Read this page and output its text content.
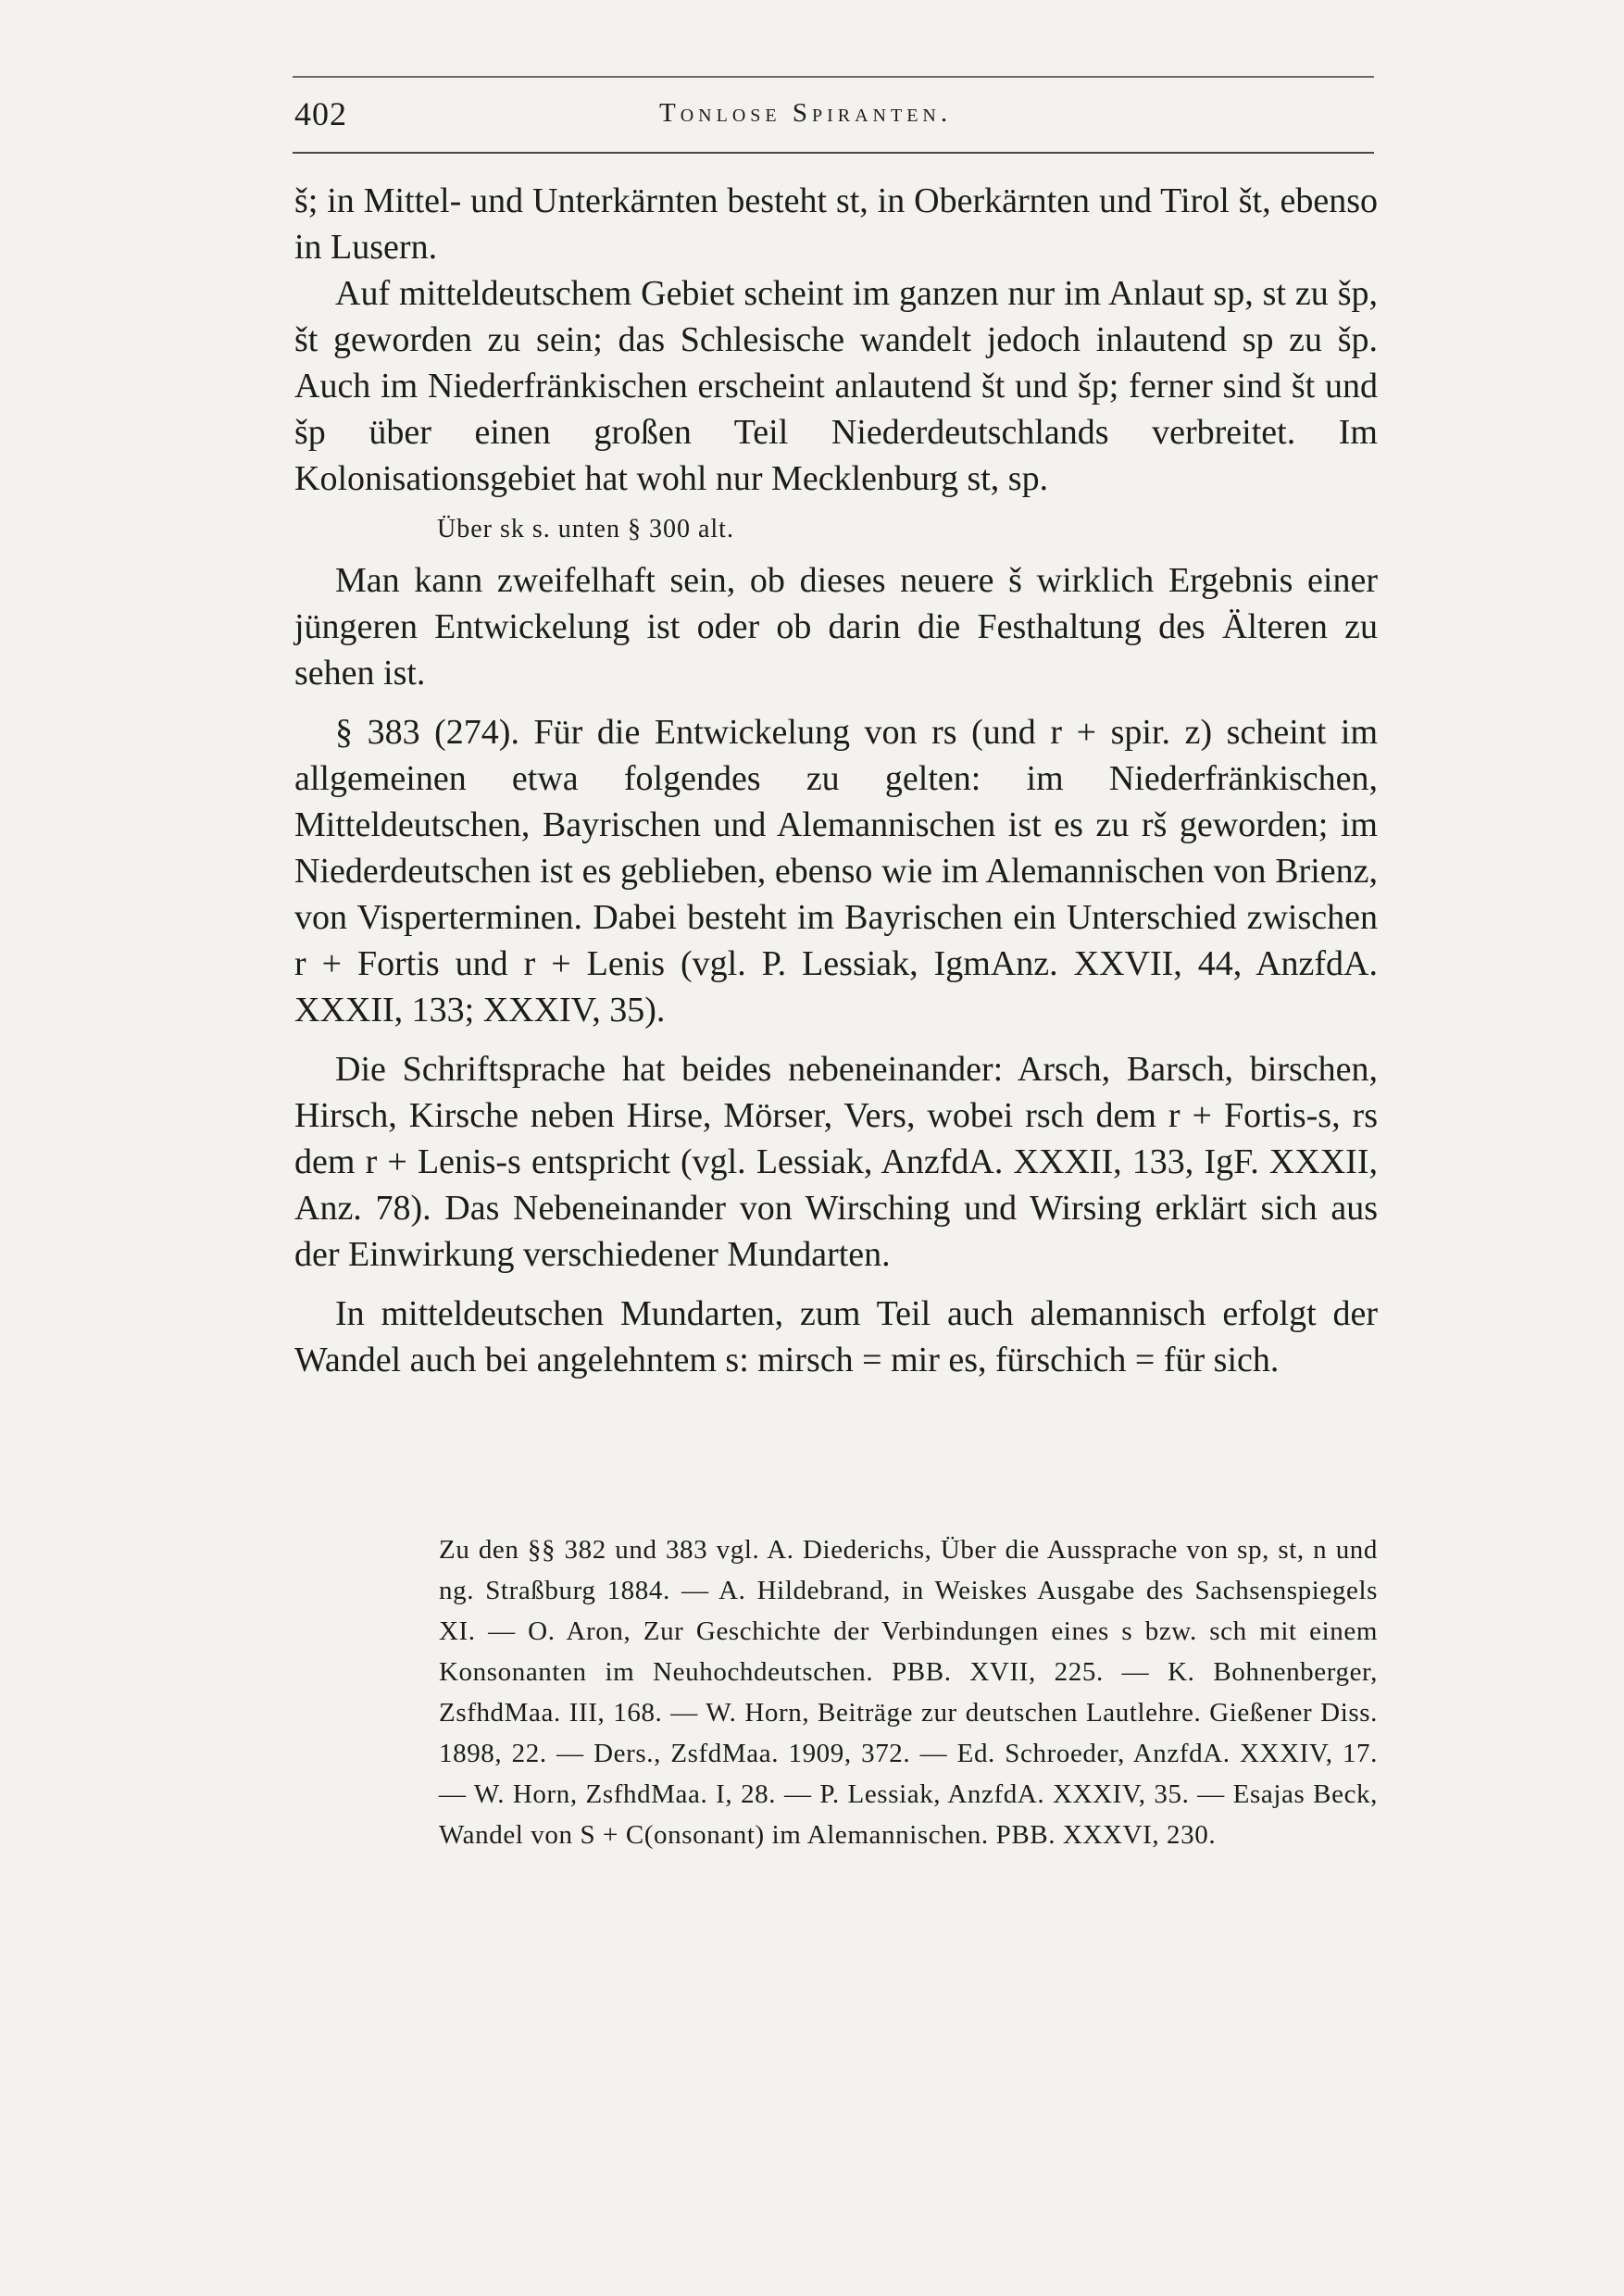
402	Tonlose Spiranten.

š; in Mittel- und Unterkärnten besteht st, in Oberkärnten und Tirol št, ebenso in Lusern.

Auf mitteldeutschem Gebiet scheint im ganzen nur im Anlaut sp, st zu šp, št geworden zu sein; das Schlesische wandelt jedoch inlautend sp zu šp. Auch im Niederfränkischen erscheint anlautend št und šp; ferner sind št und šp über einen großen Teil Niederdeutschlands verbreitet. Im Kolonisationsgebiet hat wohl nur Mecklenburg st, sp.

Über sk s. unten § 300 alt.

Man kann zweifelhaft sein, ob dieses neuere š wirklich Ergebnis einer jüngeren Entwickelung ist oder ob darin die Festhaltung des Älteren zu sehen ist.

§ 383 (274). Für die Entwickelung von rs (und r + spir. z) scheint im allgemeinen etwa folgendes zu gelten: im Niederfränkischen, Mitteldeutschen, Bayrischen und Alemannischen ist es zu rš geworden; im Niederdeutschen ist es geblieben, ebenso wie im Alemannischen von Brienz, von Visperterminen. Dabei besteht im Bayrischen ein Unterschied zwischen r + Fortis und r + Lenis (vgl. P. Lessiak, IgmAnz. XXVII, 44, AnzfdA. XXXII, 133; XXXIV, 35).

Die Schriftsprache hat beides nebeneinander: Arsch, Barsch, birschen, Hirsch, Kirsche neben Hirse, Mörser, Vers, wobei rsch dem r + Fortis-s, rs dem r + Lenis-s entspricht (vgl. Lessiak, AnzfdA. XXXII, 133, IgF. XXXII, Anz. 78). Das Nebeneinander von Wirsching und Wirsing erklärt sich aus der Einwirkung verschiedener Mundarten.

In mitteldeutschen Mundarten, zum Teil auch alemannisch erfolgt der Wandel auch bei angelehntem s: mirsch = mir es, fürschich = für sich.

Zu den §§ 382 und 383 vgl. A. Diederichs, Über die Aussprache von sp, st, n und ng. Straßburg 1884. — A. Hildebrand, in Weiskes Ausgabe des Sachsenspiegels XI. — O. Aron, Zur Geschichte der Verbindungen eines s bzw. sch mit einem Konsonanten im Neuhochdeutschen. PBB. XVII, 225. — K. Bohnenberger, ZsfhdMaa. III, 168. — W. Horn, Beiträge zur deutschen Lautlehre. Gießener Diss. 1898, 22. — Ders., ZsfdMaa. 1909, 372. — Ed. Schroeder, AnzfdA. XXXIV, 17. — W. Horn, ZsfhdMaa. I, 28. — P. Lessiak, AnzfdA. XXXIV, 35. — Esajas Beck, Wandel von S + C(onsonant) im Alemannischen. PBB. XXXVI, 230.
